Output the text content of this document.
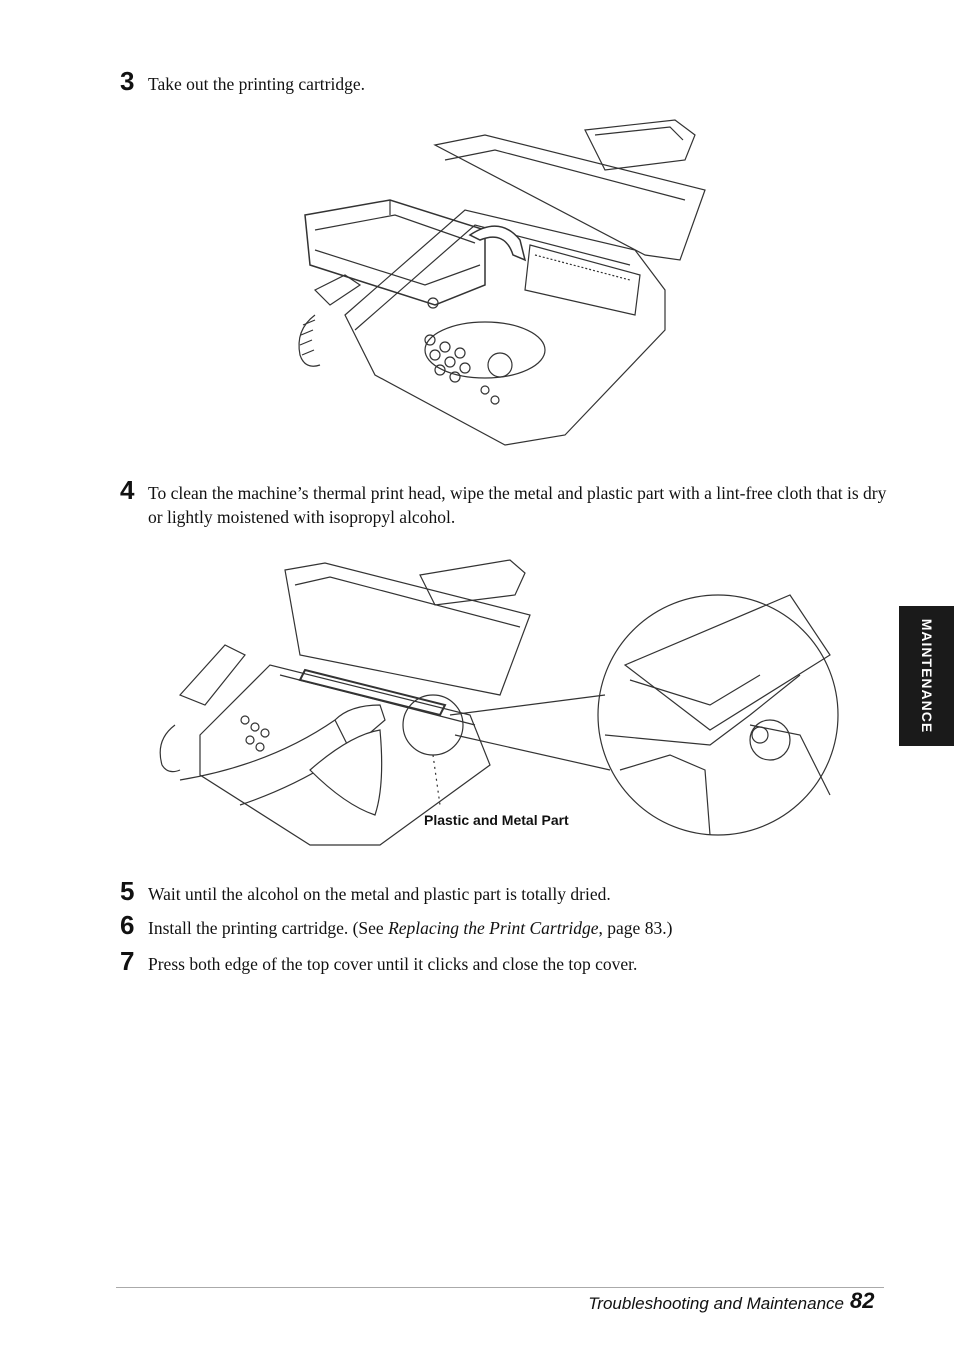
3 Take out the printing cartridge.
4 To clean the machine’s thermal print head, wipe the metal and plastic part with a lint-free cloth that is dry or lightly moistened with isopropyl alcohol.
Plastic and Metal Part
5 Wait until the alcohol on the metal and plastic part is totally dried.
6 Install the printing cartridge. (See Replacing the Print Cartridge, page 83.)
7 Press both edge of the top cover until it clicks and close the top cover.
MAINTENANCE
Troubleshooting and Maintenance 82
